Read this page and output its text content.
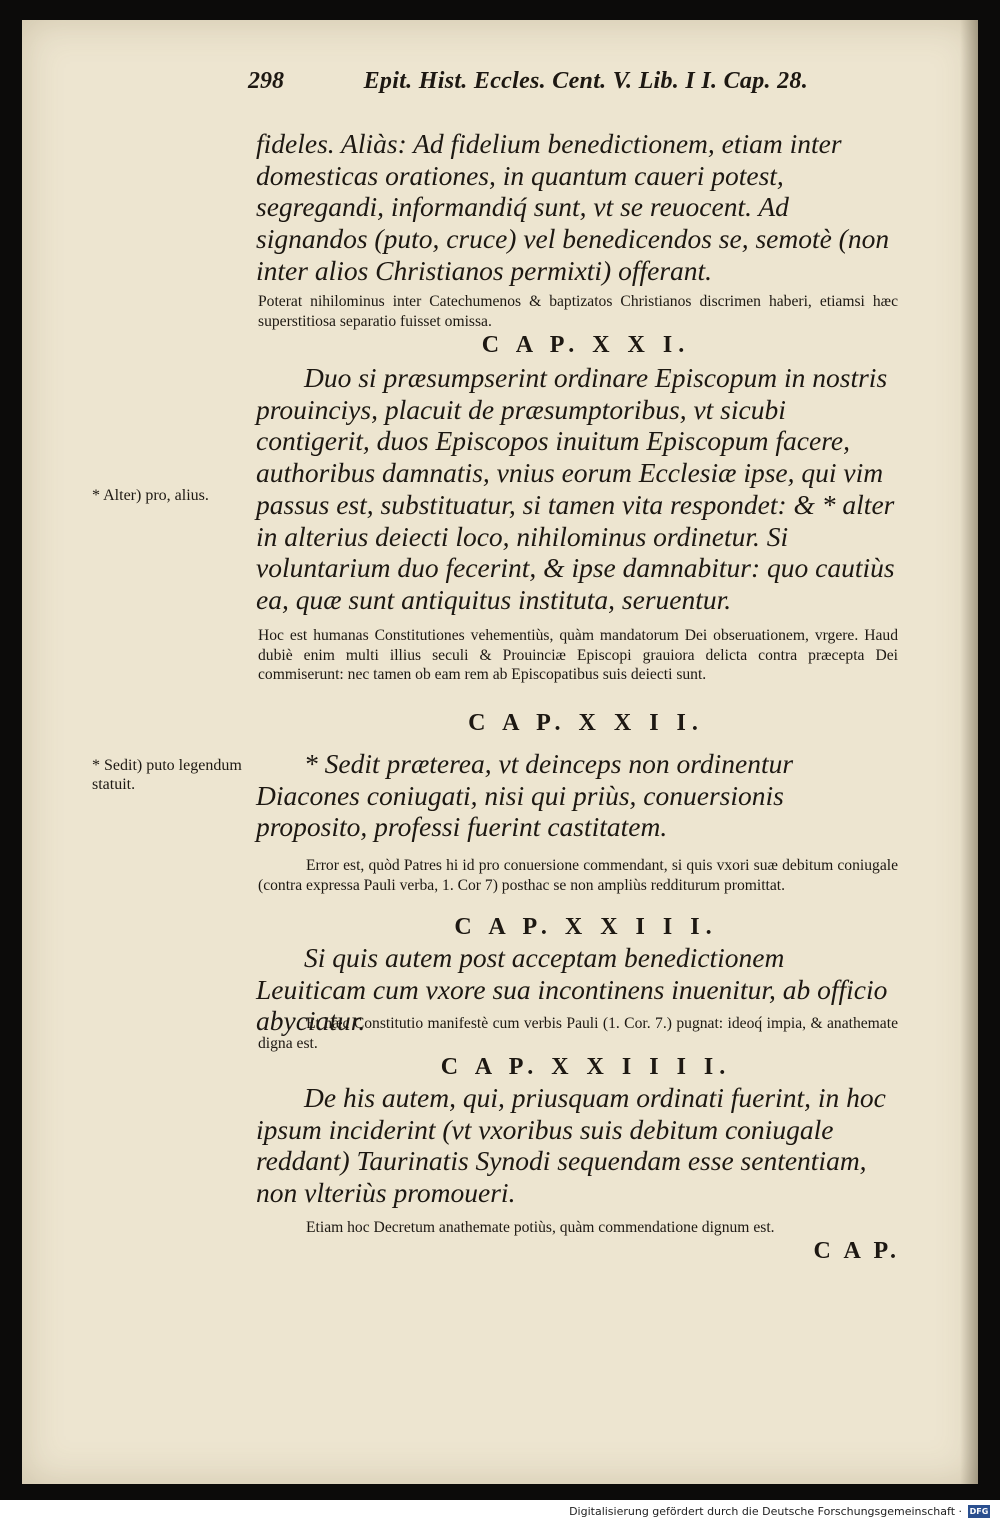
298	Epit. Hist. Eccles. Cent. V. Lib. I I. Cap. 28.
fideles. Aliàs: Ad fidelium benedictionem, etiam inter domesticas orationes, in quantum caueri potest, segregandi, informandiq́ sunt, vt se reuocent. Ad signandos (puto, cruce) vel benedicendos se, semotè (non inter alios Christianos permixti) offerant.
Poterat nihilominus inter Catechumenos & baptizatos Christianos discrimen haberi, etiamsi hæc superstitiosa separatio fuisset omissa.
C A P. X X I.
Duo si præsumpserint ordinare Episcopum in nostris prouinciys, placuit de præsumptoribus, vt sicubi contigerit, duos Episcopos inuitum Episcopum facere, authoribus damnatis, vnius eorum Ecclesiæ ipse, qui vim passus est, substituatur, si tamen vita respondet: & * alter in alterius deiecti loco, nihilominus ordinetur. Si voluntarium duo fecerint, & ipse damnabitur: quo cautiùs ea, quæ sunt antiquitus instituta, seruentur.
* Alter) pro, alius.
Hoc est humanas Constitutiones vehementiùs, quàm mandatorum Dei obseruationem, vrgere. Haud dubiè enim multi illius seculi & Prouinciæ Episcopi grauiora delicta contra præcepta Dei commiserunt: nec tamen ob eam rem ab Episcopatibus suis deiecti sunt.
C A P. X X I I.
* Sedit præterea, vt deinceps non ordinentur Diacones coniugati, nisi qui priùs, conuersionis proposito, professi fuerint castitatem.
* Sedit) puto legendum statuit.
Error est, quòd Patres hi id pro conuersione commendant, si quis vxori suæ debitum coniugale (contra expressa Pauli verba, 1. Cor 7) posthac se non ampliùs redditurum promittat.
C A P. X X I I I.
Si quis autem post acceptam benedictionem Leuiticam cum vxore sua incontinens inuenitur, ab officio abyciatur.
Et hæc Constitutio manifestè cum verbis Pauli (1. Cor. 7.) pugnat: ideoq́ impia, & anathemate digna est.
C A P. X X I I I I.
De his autem, qui, priusquam ordinati fuerint, in hoc ipsum inciderint (vt vxoribus suis debitum coniugale reddant) Taurinatis Synodi sequendam esse sententiam, non vlteriùs promoueri.
Etiam hoc Decretum anathemate potiùs, quàm commendatione dignum est.
C A P.
Digitalisierung gefördert durch die Deutsche Forschungsgemeinschaft · DFG
